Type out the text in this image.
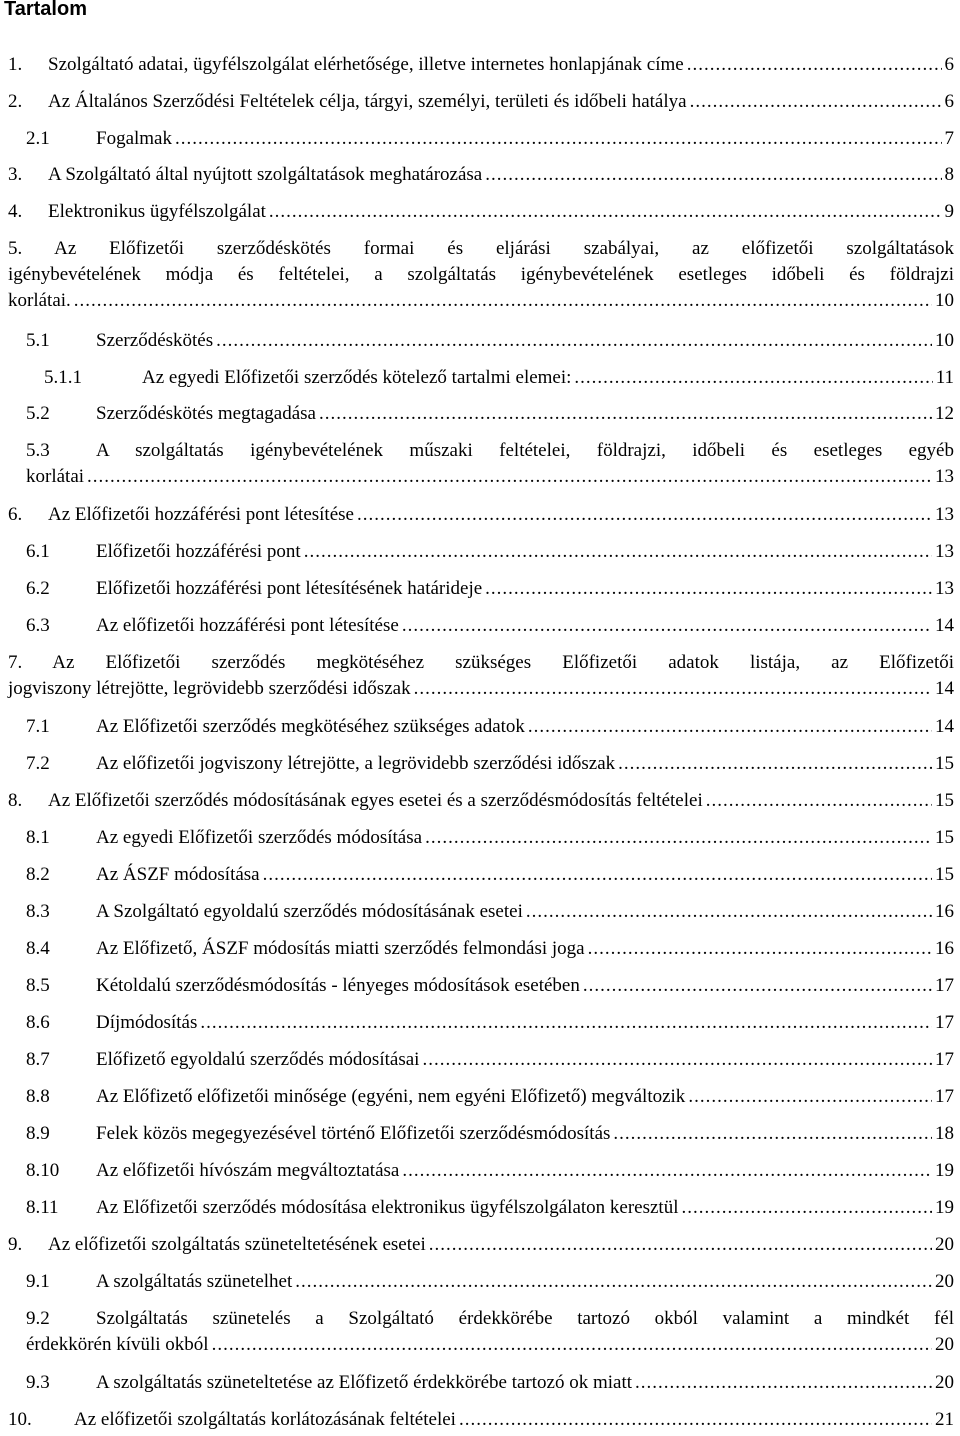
Tartalom
1.	Szolgáltató adatai, ügyfélszolgálat elérhetősége, illetve internetes honlapjának címe .....	6
2.	Az Általános Szerződési Feltételek célja, tárgyi, személyi, területi és időbeli hatálya .....	6
2.1	Fogalmak .....	7
3.	A Szolgáltató által nyújtott szolgáltatások meghatározása .....	8
4.	Elektronikus ügyfélszolgálat .....	9
5. Az Előfizetői szerződéskötés formai és eljárási szabályai, az előfizetői szolgáltatások
igénybevételének módja és feltételei, a szolgáltatás igénybevételének esetleges időbeli és földrajzi
korlátai. .....	10
5.1	Szerződéskötés .....	10
5.1.1	Az egyedi Előfizetői szerződés kötelező tartalmi elemei: .....	11
5.2	Szerződéskötés megtagadása .....	12
5.3	A szolgáltatás igénybevételének műszaki feltételei, földrajzi, időbeli és esetleges egyéb
korlátai .....	13
6.	Az Előfizetői hozzáférési pont létesítése .....	13
6.1	Előfizetői hozzáférési pont .....	13
6.2	Előfizetői hozzáférési pont létesítésének határideje .....	13
6.3	Az előfizetői hozzáférési pont létesítése .....	14
7. Az Előfizetői szerződés megkötéséhez szükséges Előfizetői adatok listája, az Előfizetői
jogviszony létrejötte, legrövidebb szerződési időszak .....	14
7.1	Az Előfizetői szerződés megkötéséhez szükséges adatok .....	14
7.2	Az előfizetői jogviszony létrejötte, a legrövidebb szerződési időszak .....	15
8.	Az Előfizetői szerződés módosításának egyes esetei és a szerződésmódosítás feltételei .....	15
8.1	Az egyedi Előfizetői szerződés módosítása .....	15
8.2	Az ÁSZF módosítása .....	15
8.3	A Szolgáltató egyoldalú szerződés módosításának esetei .....	16
8.4	Az Előfizető, ÁSZF módosítás miatti szerződés felmondási joga .....	16
8.5	Kétoldalú szerződésmódosítás - lényeges módosítások esetében .....	17
8.6	Díjmódosítás .....	17
8.7	Előfizető egyoldalú szerződés módosításai .....	17
8.8	Az Előfizető előfizetői minősége (egyéni, nem egyéni Előfizető) megváltozik .....	17
8.9	Felek közös megegyezésével történő Előfizetői szerződésmódosítás .....	18
8.10	Az előfizetői hívószám megváltoztatása .....	19
8.11	Az Előfizetői szerződés módosítása elektronikus ügyfélszolgálaton keresztül .....	19
9.	Az előfizetői szolgáltatás szüneteltetésének esetei .....	20
9.1	A szolgáltatás szünetelhet .....	20
9.2	Szolgáltatás szünetelés a Szolgáltató érdekkörébe tartozó okból valamint a mindkét fél
érdekkörén kívüli okból .....	20
9.3	A szolgáltatás szüneteltetése az Előfizető érdekkörébe tartozó ok miatt .....	20
10.	Az előfizetői szolgáltatás korlátozásának feltételei .....	21
